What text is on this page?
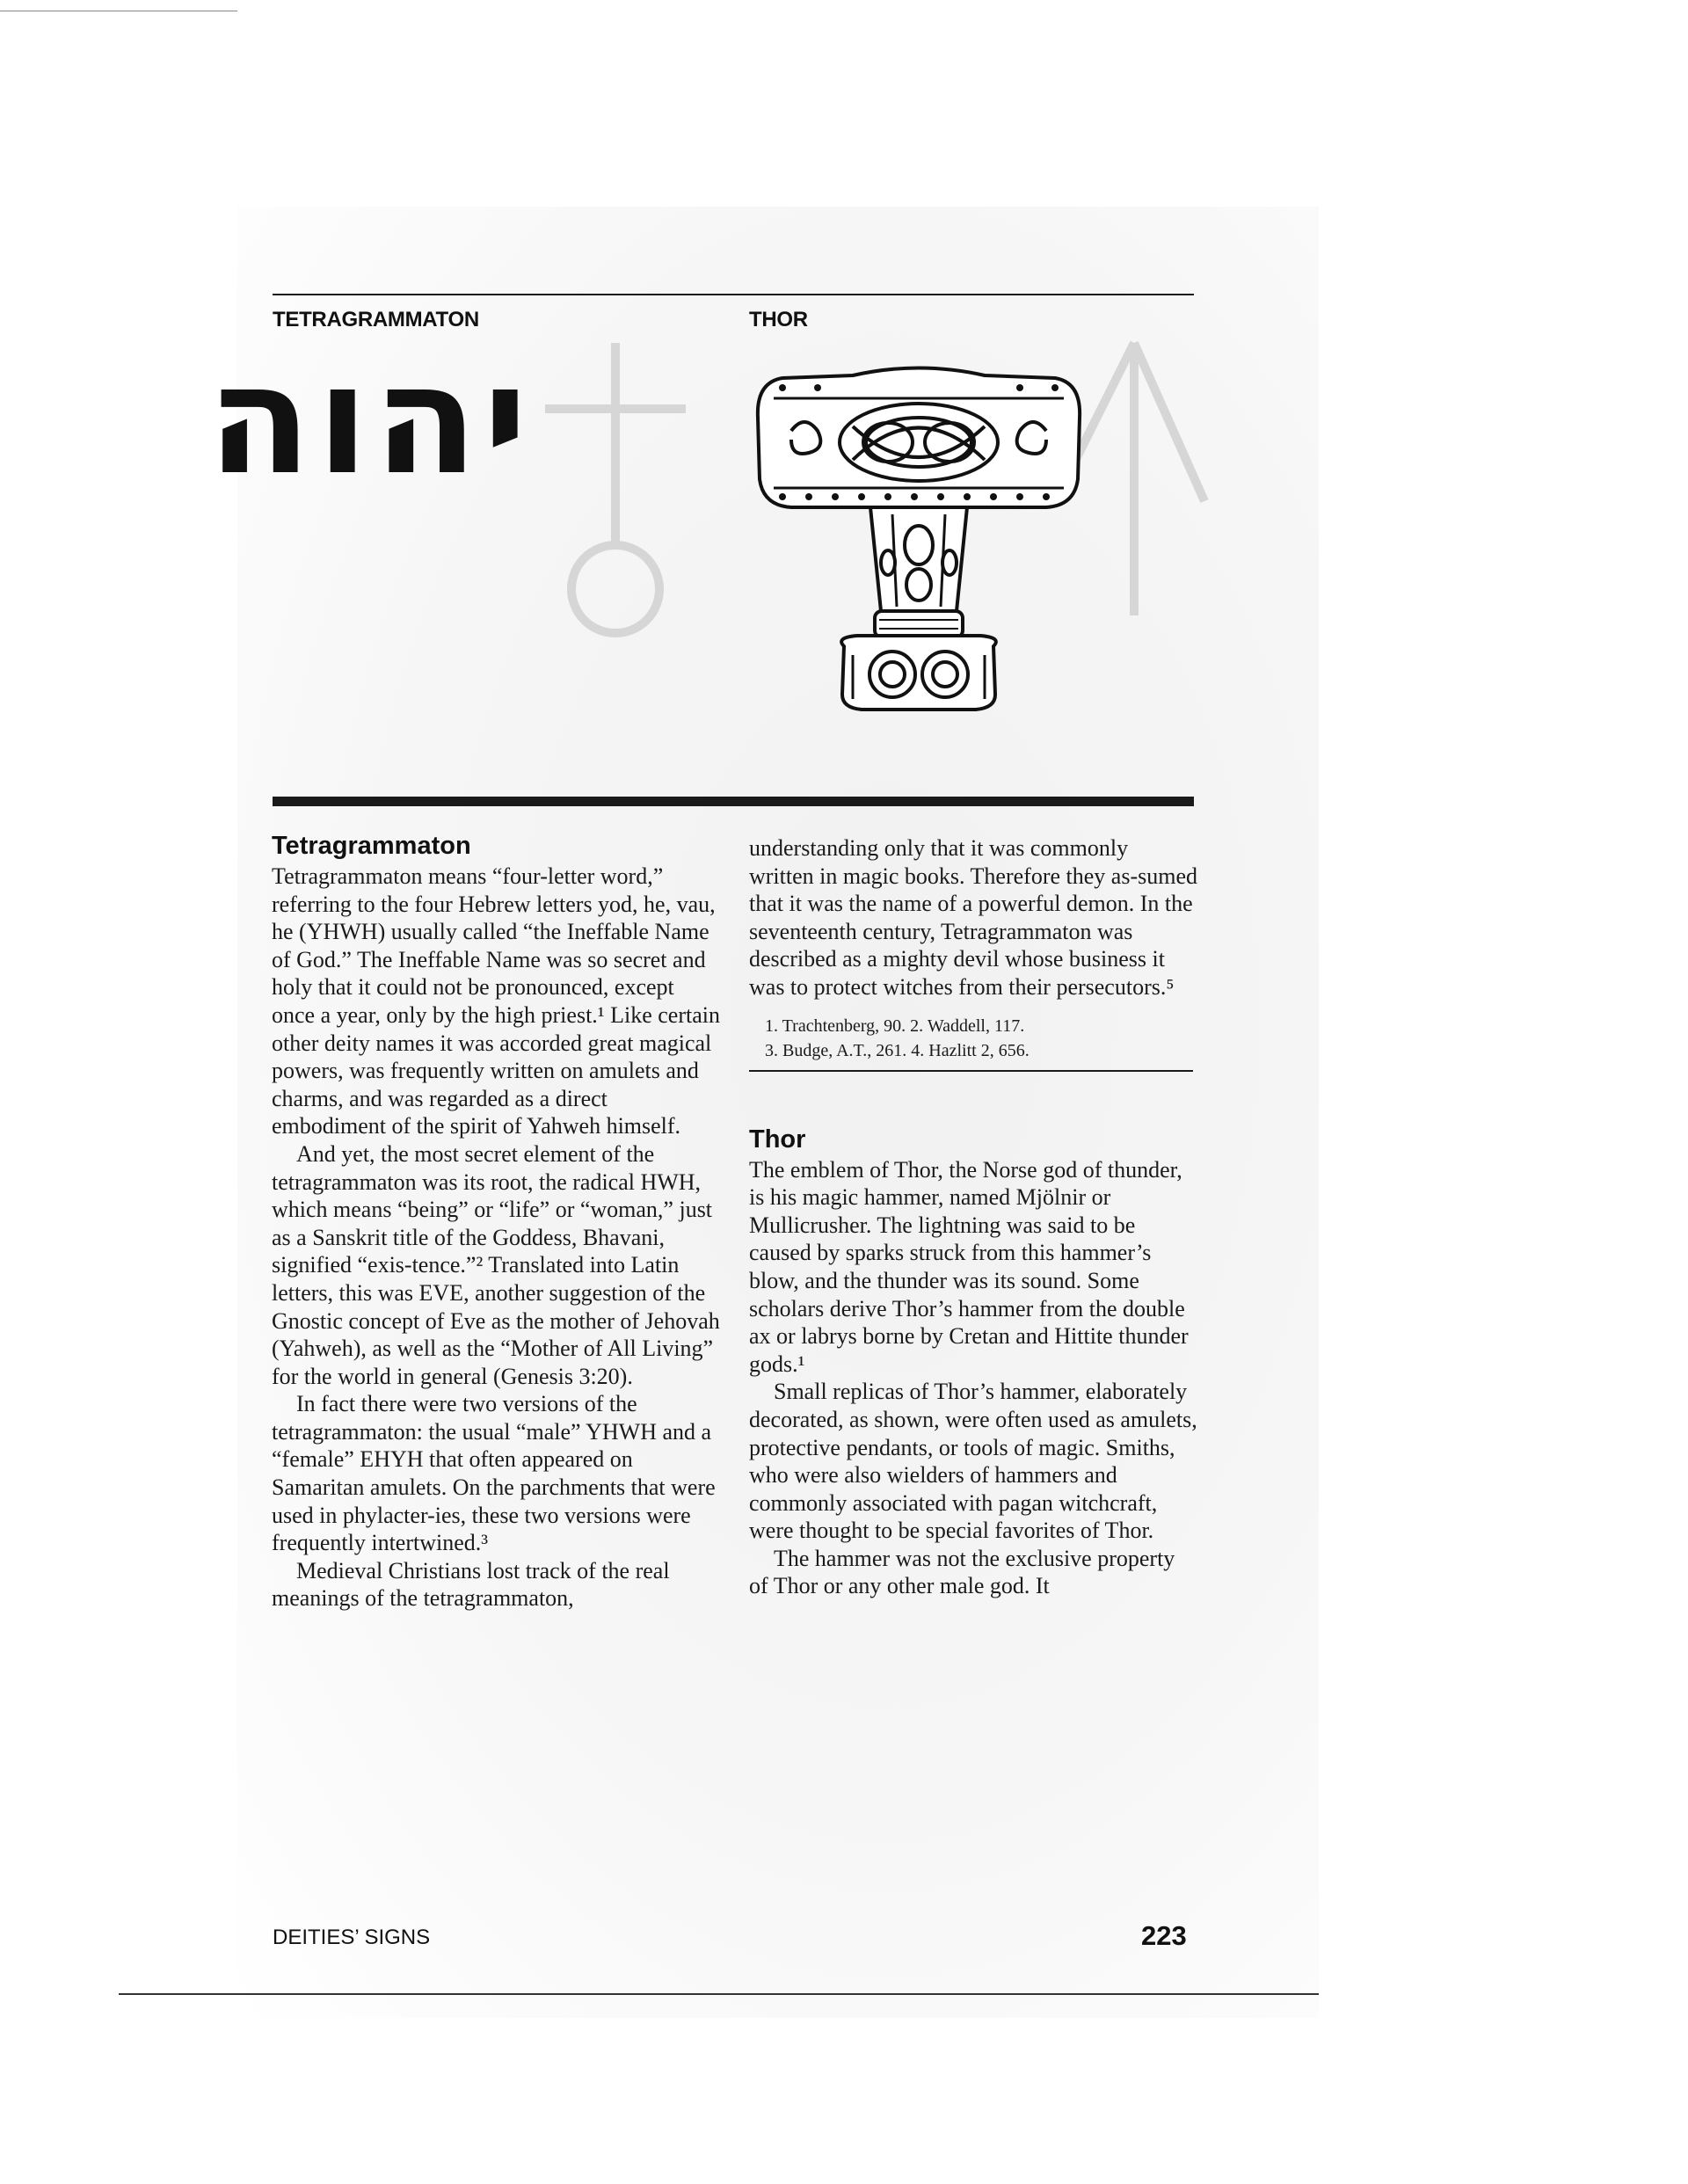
TETRAGRAMMATON	THOR
יהוה
Tetragrammaton

Tetragrammaton means “four-letter word,” referring to the four Hebrew letters yod, he, vau, he (YHWH) usually called “the Ineffable Name of God.” The Ineffable Name was so secret and holy that it could not be pronounced, except once a year, only by the high priest.¹ Like certain other deity names it was accorded great magical powers, was frequently written on amulets and charms, and was regarded as a direct embodiment of the spirit of Yahweh himself.

And yet, the most secret element of the tetragrammaton was its root, the radical HWH, which means “being” or “life” or “woman,” just as a Sanskrit title of the Goddess, Bhavani, signified “exis-tence.”² Translated into Latin letters, this was EVE, another suggestion of the Gnostic concept of Eve as the mother of Jehovah (Yahweh), as well as the “Mother of All Living” for the world in general (Genesis 3:20).

In fact there were two versions of the tetragrammaton: the usual “male” YHWH and a “female” EHYH that often appeared on Samaritan amulets. On the parchments that were used in phylacter-ies, these two versions were frequently intertwined.³

Medieval Christians lost track of the real meanings of the tetragrammaton,

understanding only that it was commonly written in magic books. Therefore they as-sumed that it was the name of a powerful demon. In the seventeenth century, Tetragrammaton was described as a mighty devil whose business it was to protect witches from their persecutors.⁵

1. Trachtenberg, 90. 2. Waddell, 117.
3. Budge, A.T., 261. 4. Hazlitt 2, 656.
Thor

The emblem of Thor, the Norse god of thunder, is his magic hammer, named Mjölnir or Mullicrusher. The lightning was said to be caused by sparks struck from this hammer’s blow, and the thunder was its sound. Some scholars derive Thor’s hammer from the double ax or labrys borne by Cretan and Hittite thunder gods.¹

Small replicas of Thor’s hammer, elaborately decorated, as shown, were often used as amulets, protective pendants, or tools of magic. Smiths, who were also wielders of hammers and commonly associated with pagan witchcraft, were thought to be special favorites of Thor.

The hammer was not the exclusive property of Thor or any other male god. It

DEITIES’ SIGNS	223
